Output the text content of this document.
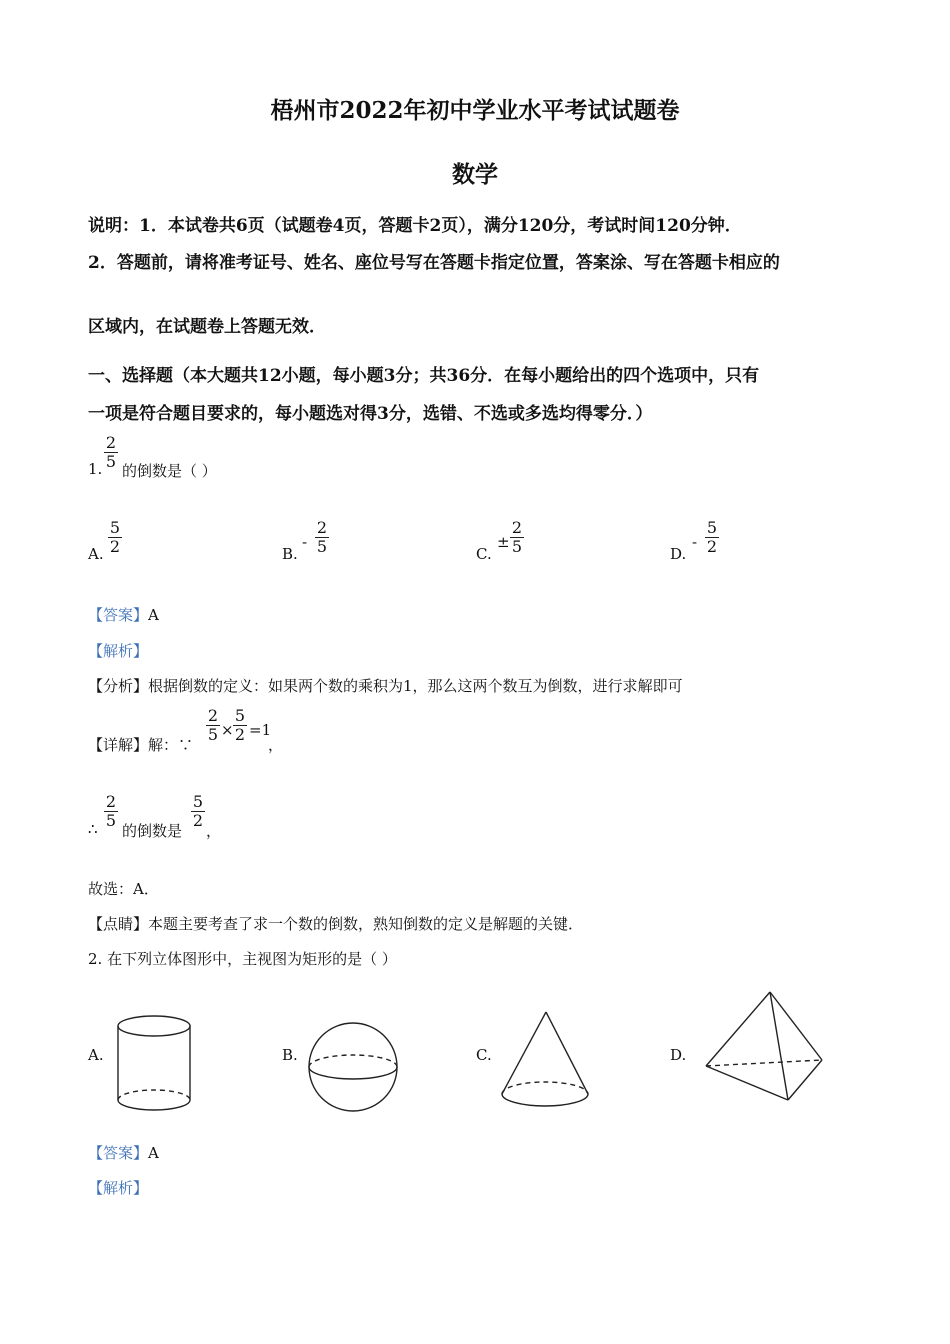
梧州市2022年初中学业水平考试试题卷
数学
说明：1．本试卷共6页（试题卷4页，答题卡2页），满分120分，考试时间120分钟．
2．答题前，请将准考证号、姓名、座位号写在答题卡指定位置，答案涂、写在答题卡相应的
区域内，在试题卷上答题无效．
一、选择题（本大题共12小题，每小题3分；共36分．在每小题给出的四个选项中，只有
一项是符合题目要求的，每小题选对得3分，选错、不选或多选均得零分．）
1.
2
5 的倒数是（ ）
A.
5
2	B.
-
2
5	C.
±
2
5	D.
-
5
2
【答案】A
【解析】
【分析】根据倒数的定义：如果两个数的乘积为1，那么这两个数互为倒数，进行求解即可
【详解】解：∵
2
5 ×
5
2 =1
，
∴
2
5
的倒数是
5
2
，
故选：A．
【点睛】本题主要考查了求一个数的倒数，熟知倒数的定义是解题的关键．
2. 在下列立体图形中，主视图为矩形的是（ ）
A.	B.	C.	D.
【答案】A
【解析】
